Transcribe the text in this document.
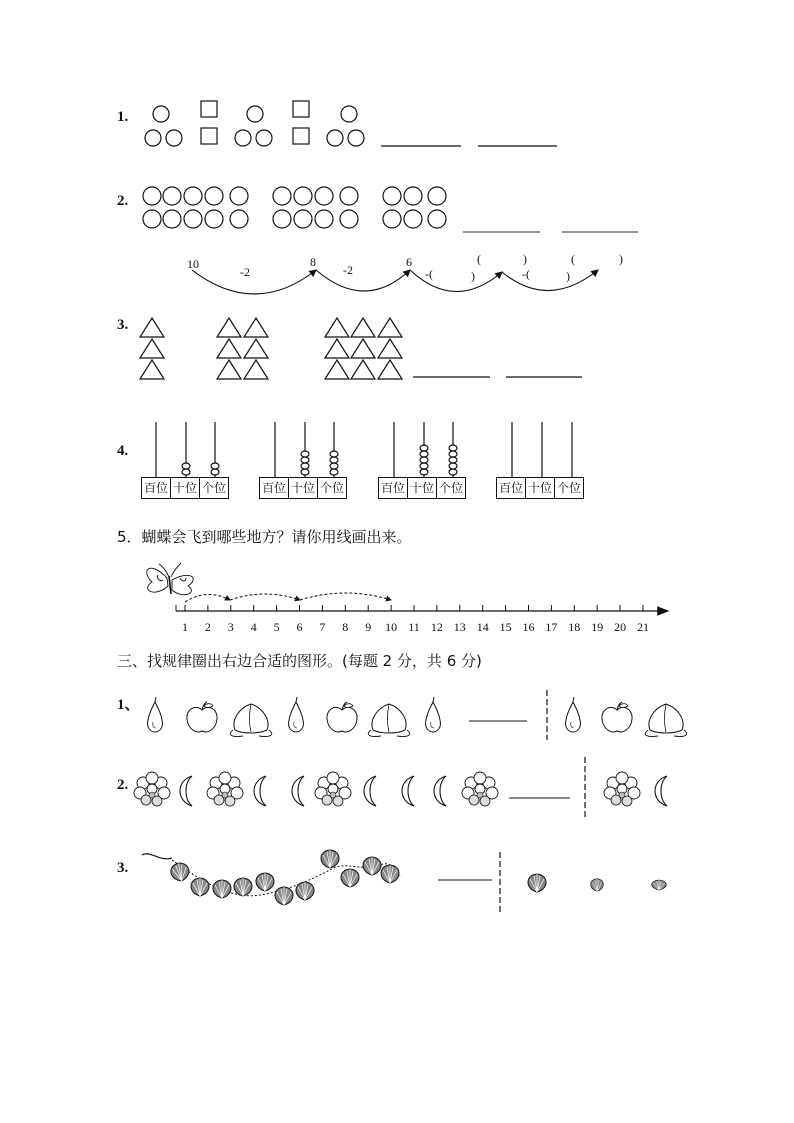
1.
2.
3.
4.
5．蝴蝶会飞到哪些地方？请你用线画出来。
三、找规律圈出右边合适的图形。(每题 2 分，共 6 分)
1、
2.
3.
10	8	6
-2	-2	-(	)
(	)
-(	)
(	)
百位 十位 个位	百位 十位 个位	百位 十位 个位	百位 十位 个位
1 2 3 4 5 6 7 8 9 10 11 12 13 14 15 16 17 18 19 20 21
